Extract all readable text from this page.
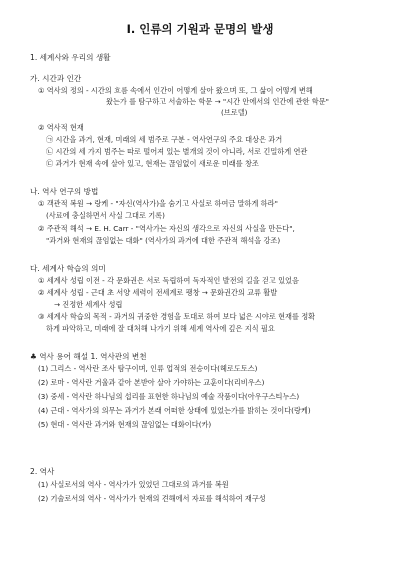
Ⅰ. 인류의 기원과 문명의 발생
1. 세계사와 우리의 생활
가. 시간과 인간
① 역사의 정의 - 시간의 흐름 속에서 인간이 어떻게 살아 왔으며 또, 그 삶이 어떻게 변해
왔는가 를 탐구하고 서술하는 학문 → "시간 안에서의 인간에 관한 학문"
(브로델)
② 역사적 현재
㉠ 시간을 과거, 현재, 미래의 세 범주로 구분 - 역사연구의 주요 대상은 과거
㉡ 시간의 세 가지 범주는 따로 떨어져 있는 별개의 것이 아니라, 서로 긴밀하게 연관
㉢ 과거가 현재 속에 살아 있고, 현재는 끊임없이 새로운 미래를 창조
나. 역사 연구의 방법
① 객관적 복원 → 랑케 - "자신(역사가)을 숨기고 사실로 하여금 말하게 하라"
(사료에 충실하면서 사실 그대로 기록)
② 주관적 해석 → E. H. Carr - "역사가는 자신의 생각으로 자신의 사실을 만든다",
"과거와 현재의 끊임없는 대화" (역사가의 과거에 대한 주관적 해석을 강조)
다. 세계사 학습의 의미
① 세계사 성립 이전 - 각 문화권은 서로 독립하여 독자적인 발전의 길을 걷고 있었음
② 세계사 성립 - 근대 초 서양 세력이 전세계로 팽창 → 문화권간의 교류 활발
→ 진정한 세계사 성립
③ 세계사 학습의 목적 - 과거의 귀중한 경험을 토대로 하여 보다 넓은 시야로 현재를 정확
하게 파악하고, 미래에 잘 대처해 나가기 위해 세계 역사에 깊은 지식 필요
♣ 역사 용어 해설 1. 역사관의 변천
(1) 그리스 - 역사란 조사 탐구이며, 인류 업적의 전승이다(헤로도토스)
(2) 로마 - 역사란 거울과 같아 본받아 살아 가야하는 교훈이다(리비우스)
(3) 중세 - 역사란 하나님의 섭리를 표현한 하나님의 예술 작품이다(아우구스티누스)
(4) 근대 - 역사가의 의무는 과거가 본래 어떠한 상태에 있었는가를 밝히는 것이다(랑케)
(5) 현대 - 역사란 과거와 현재의 끊임없는 대화이다(카)
2. 역사
(1) 사실로서의 역사 - 역사가가 있었던 그대로의 과거를 복원
(2) 기술로서의 역사 - 역사가가 현재의 견해에서 자료를 해석하여 재구성
